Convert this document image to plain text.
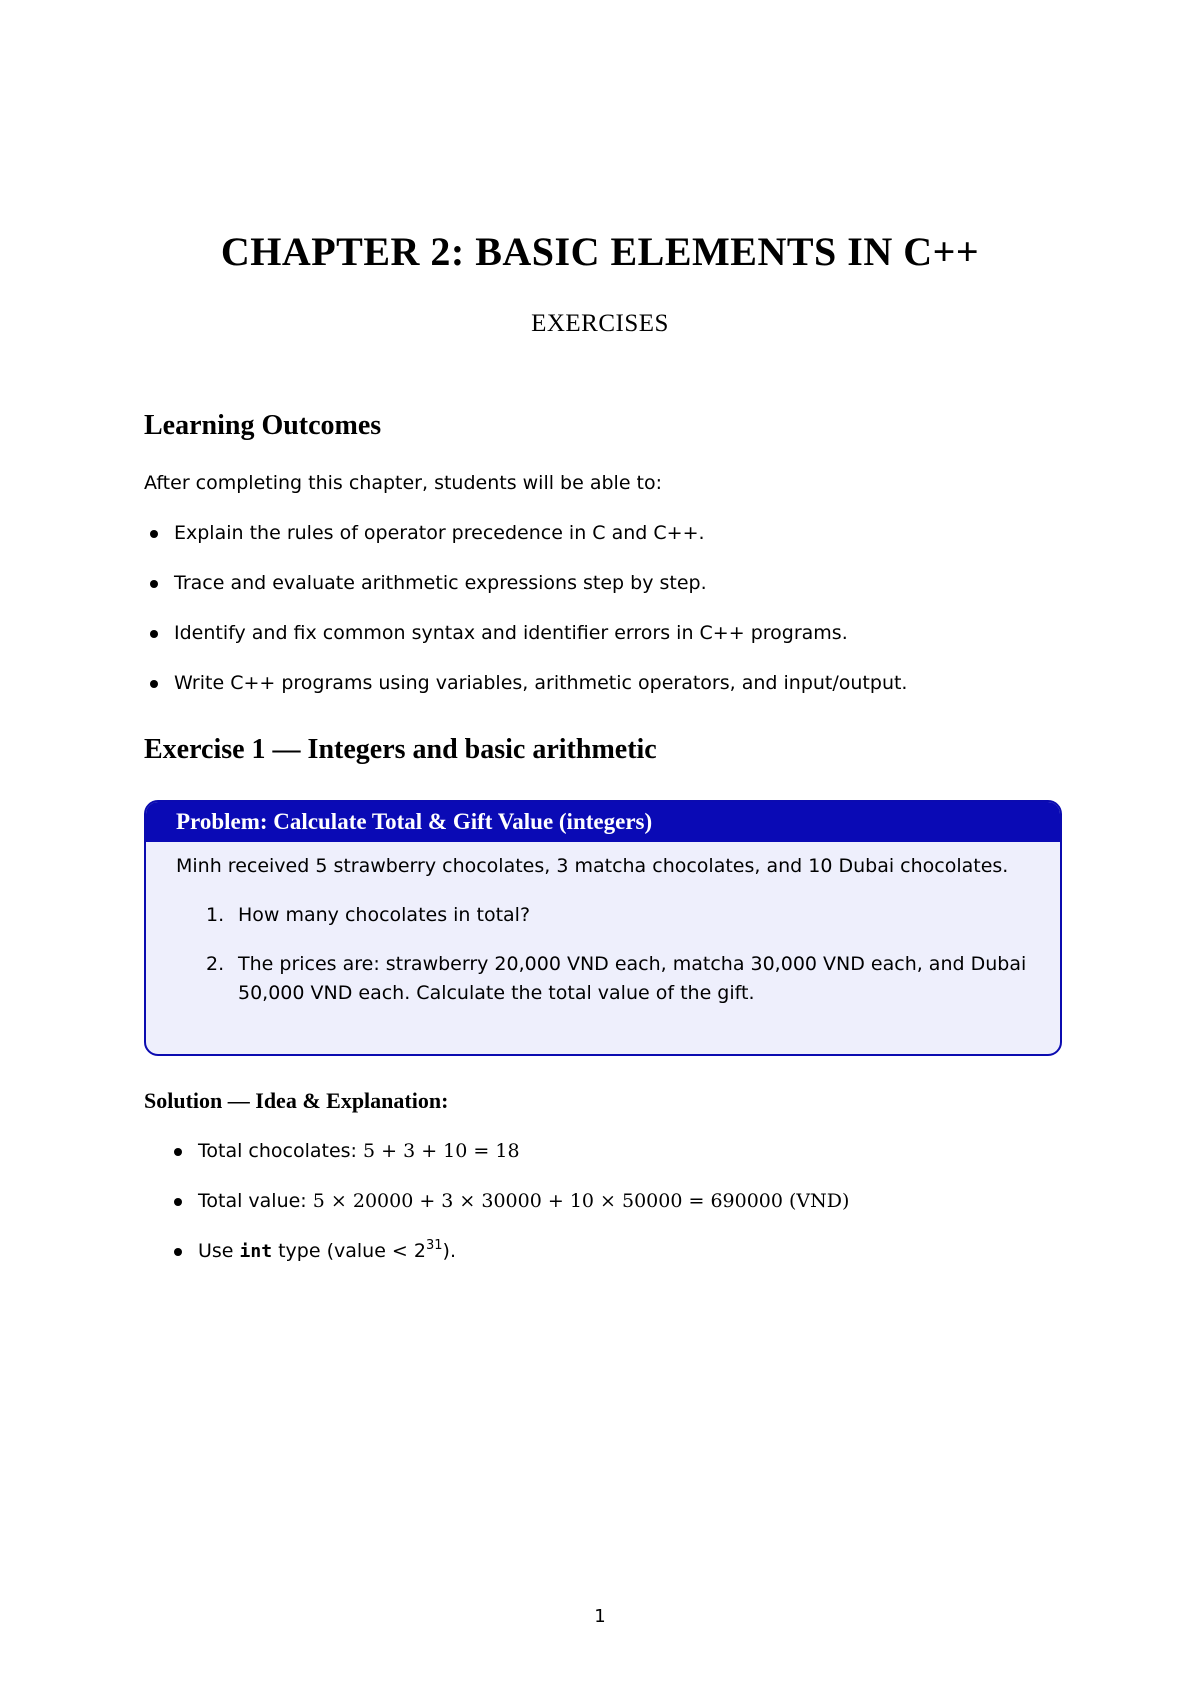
CHAPTER 2: BASIC ELEMENTS IN C++
EXERCISES
Learning Outcomes
After completing this chapter, students will be able to:
Explain the rules of operator precedence in C and C++.
Trace and evaluate arithmetic expressions step by step.
Identify and fix common syntax and identifier errors in C++ programs.
Write C++ programs using variables, arithmetic operators, and input/output.
Exercise 1 — Integers and basic arithmetic
Problem: Calculate Total & Gift Value (integers)

Minh received 5 strawberry chocolates, 3 matcha chocolates, and 10 Dubai chocolates.

1. How many chocolates in total?
2. The prices are: strawberry 20,000 VND each, matcha 30,000 VND each, and Dubai 50,000 VND each. Calculate the total value of the gift.
Solution — Idea & Explanation:
Total chocolates: 5 + 3 + 10 = 18
Total value: 5 × 20000 + 3 × 30000 + 10 × 50000 = 690000 (VND)
Use int type (value < $2^{31}$).
1
